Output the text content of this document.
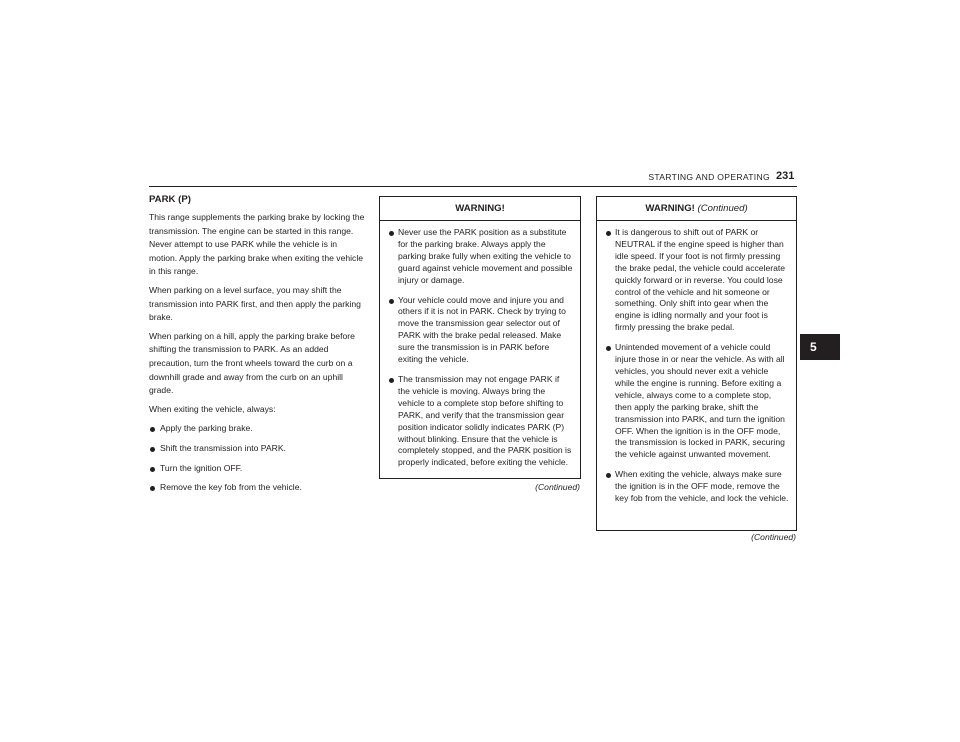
STARTING AND OPERATING 231
5
PARK (P)

This range supplements the parking brake by locking the transmission. The engine can be started in this range. Never attempt to use PARK while the vehicle is in motion. Apply the parking brake when exiting the vehicle in this range.

When parking on a level surface, you may shift the transmission into PARK first, and then apply the parking brake.

When parking on a hill, apply the parking brake before shifting the transmission to PARK. As an added precaution, turn the front wheels toward the curb on a downhill grade and away from the curb on an uphill grade.

When exiting the vehicle, always:

Apply the parking brake.
Shift the transmission into PARK.
Turn the ignition OFF.
Remove the key fob from the vehicle.
WARNING!
Never use the PARK position as a substitute for the parking brake. Always apply the parking brake fully when exiting the vehicle to guard against vehicle movement and possible injury or damage.
Your vehicle could move and injure you and others if it is not in PARK. Check by trying to move the transmission gear selector out of PARK with the brake pedal released. Make sure the transmission is in PARK before exiting the vehicle.
The transmission may not engage PARK if the vehicle is moving. Always bring the vehicle to a complete stop before shifting to PARK, and verify that the transmission gear position indicator solidly indicates PARK (P) without blinking. Ensure that the vehicle is completely stopped, and the PARK position is properly indicated, before exiting the vehicle.
(Continued)
WARNING! (Continued)
It is dangerous to shift out of PARK or NEUTRAL if the engine speed is higher than idle speed. If your foot is not firmly pressing the brake pedal, the vehicle could accelerate quickly forward or in reverse. You could lose control of the vehicle and hit someone or something. Only shift into gear when the engine is idling normally and your foot is firmly pressing the brake pedal.
Unintended movement of a vehicle could injure those in or near the vehicle. As with all vehicles, you should never exit a vehicle while the engine is running. Before exiting a vehicle, always come to a complete stop, then apply the parking brake, shift the transmission into PARK, and turn the ignition OFF. When the ignition is in the OFF mode, the transmission is locked in PARK, securing the vehicle against unwanted movement.
When exiting the vehicle, always make sure the ignition is in the OFF mode, remove the key fob from the vehicle, and lock the vehicle.
(Continued)
